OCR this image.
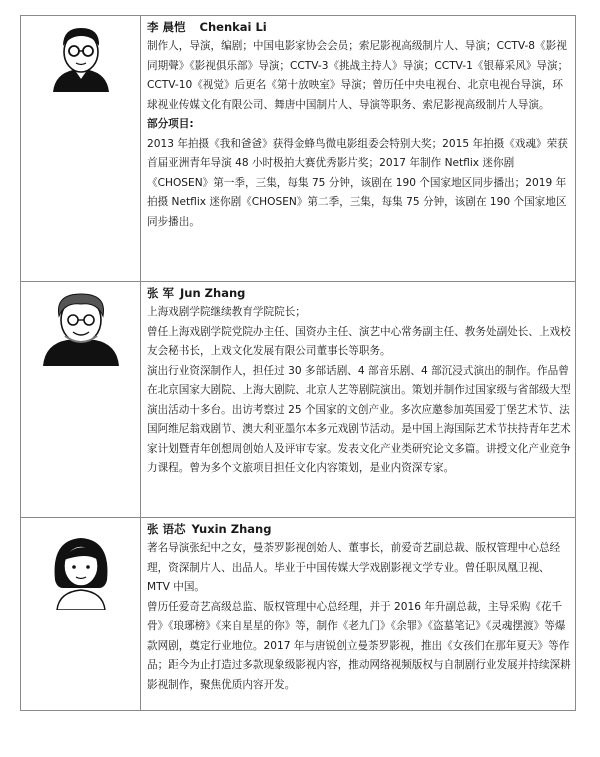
李 晨恺 Chenkai Li

制作人，导演，编剧；中国电影家协会会员；索尼影视高级制片人、导演；CCTV-8《影视同期聲》《影视俱乐部》导演；CCTV-3《挑战主持人》导演；CCTV-1《银幕采风》导演；CCTV-10《视觉》后更名《第十放映室》导演；曾历任中央电视台、北京电视台导演，环球视业传媒文化有限公司、舞唐中国制片人、导演等职务、索尼影视高级制片人导演。

部分项目:

2013 年拍摄《我和爸爸》获得金蜂鸟微电影组委会特别大奖；2015 年拍摄《戏魂》荣获首届亚洲青年导演 48 小时极拍大赛优秀影片奖；2017 年制作 Netflix 迷你剧《CHOSEN》第一季，三集，每集 75 分钟，该剧在 190 个国家地区同步播出；2019 年拍摄 Netflix 迷你剧《CHOSEN》第二季，三集，每集 75 分钟，该剧在 190 个国家地区同步播出。

张 军 Jun Zhang

上海戏剧学院继续教育学院院长；

曾任上海戏剧学院党院办主任、国资办主任、演艺中心常务副主任、教务处副处长、上戏校友会秘书长，上戏文化发展有限公司董事长等职务。

演出行业资深制作人，担任过 30 多部话剧、4 部音乐剧、4 部沉浸式演出的制作。作品曾在北京国家大剧院、上海大剧院、北京人艺等剧院演出。策划并制作过国家级与省部级大型演出活动十多台。出访考察过 25 个国家的文创产业。多次应邀参加英国爱丁堡艺术节、法国阿维尼翁戏剧节、澳大利亚墨尔本多元戏剧节活动。是中国上海国际艺术节扶持青年艺术家计划暨青年创想周创始人及评审专家。发表文化产业类研究论文多篇。讲授文化产业竞争力课程。曾为多个文旅项目担任文化内容策划，是业内资深专家。

张 语芯 Yuxin Zhang

著名导演张纪中之女，曼荼罗影视创始人、董事长，前爱奇艺副总裁、版权管理中心总经理，资深制片人、出品人。毕业于中国传媒大学戏剧影视文学专业。曾任职凤凰卫视、MTV 中国。

曾历任爱奇艺高级总监、版权管理中心总经理，并于 2016 年升副总裁，主导采购《花千骨》《琅琊榜》《来自星星的你》等，制作《老九门》《余罪》《盗墓笔记》《灵魂摆渡》等爆款网剧，奠定行业地位。2017 年与唐锐创立曼荼罗影视，推出《女孩们在那年夏天》等作品；距今为止打造过多款现象级影视内容，推动网络视频版权与自制剧行业发展并持续深耕影视制作，聚焦优质内容开发。
